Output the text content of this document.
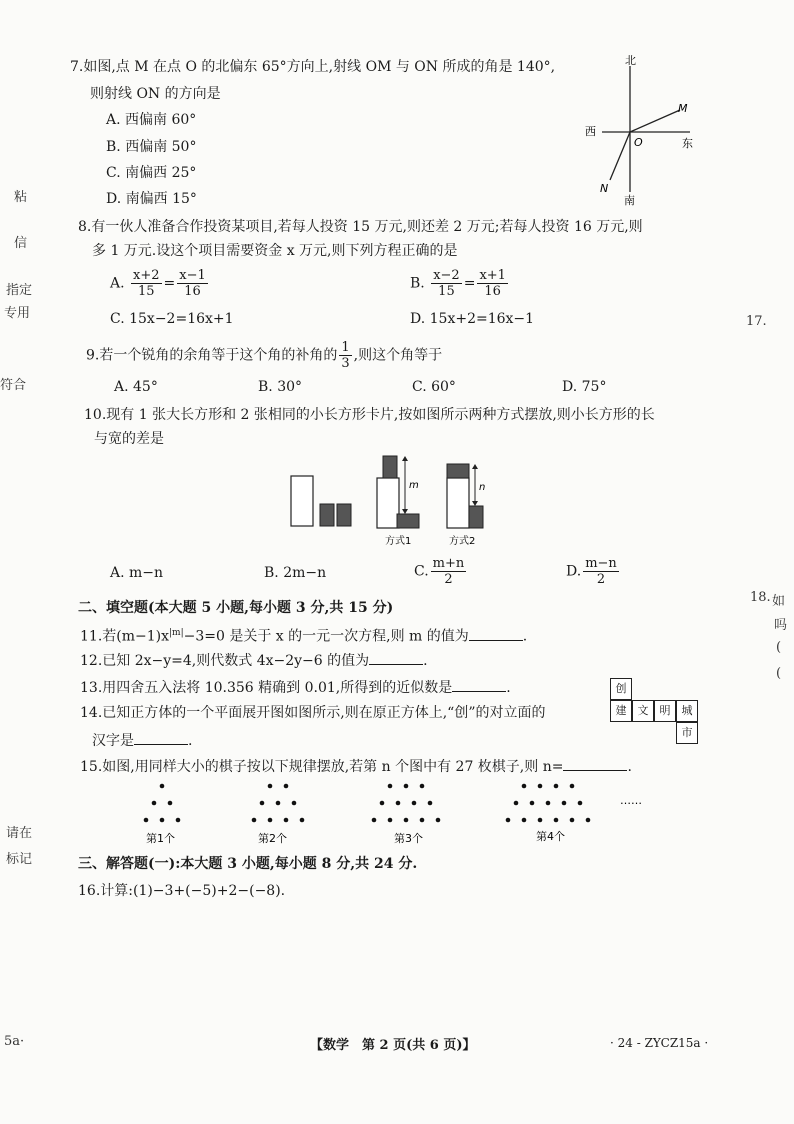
粘
信
指定
专用
符合
请在
标记
5a·
17.
18. 如
吗
(
(
7.如图,点 M 在点 O 的北偏东 65°方向上,射线 OM 与 ON 所成的角是 140°,
则射线 ON 的方向是
A. 西偏南 60°
B. 西偏南 50°
C. 南偏西 25°
D. 南偏西 15°
北
南
西
东
M
N
O
8.有一伙人准备合作投资某项目,若每人投资 15 万元,则还差 2 万元;若每人投资 16 万元,则
多 1 万元.设这个项目需要资金 x 万元,则下列方程正确的是
A. $\frac{x+2}{15} = \frac{x-1}{16}$	B. $\frac{x-2}{15} = \frac{x+1}{16}$
C. 15x−2=16x+1	D. 15x+2=16x−1
9.若一个锐角的余角等于这个角的补角的 $\frac{1}{3}$ ,则这个角等于
A. 45°	B. 30°	C. 60°	D. 75°
10.现有 1 张大长方形和 2 张相同的小长方形卡片,按如图所示两种方式摆放,则小长方形的长
与宽的差是
m	n
方式1	方式2
A. m−n	B. 2m−n	C. $\frac{m+n}{2}$	D. $\frac{m-n}{2}$
二、填空题(本大题 5 小题,每小题 3 分,共 15 分)
11.若$(m-1)x^{|m|}-3=0$ 是关于 x 的一元一次方程,则 m 的值为	.
12.已知 2x−y=4,则代数式 4x−2y−6 的值为	.
13.用四舍五入法将 10.356 精确到 0.01,所得到的近似数是	.
14.已知正方体的一个平面展开图如图所示,则在原正方体上,“创”的对立面的
汉字是	.
创
建	文	明	城
市
15.如图,用同样大小的棋子按以下规律摆放,若第 n 个图中有 27 枚棋子,则 n=	.
……
第1个	第2个	第3个	第4个
三、解答题(一):本大题 3 小题,每小题 8 分,共 24 分.
16.计算:(1)−3+(−5)+2−(−8).
【数学　第 2 页(共 6 页)】	· 24 - ZYCZ15a ·
